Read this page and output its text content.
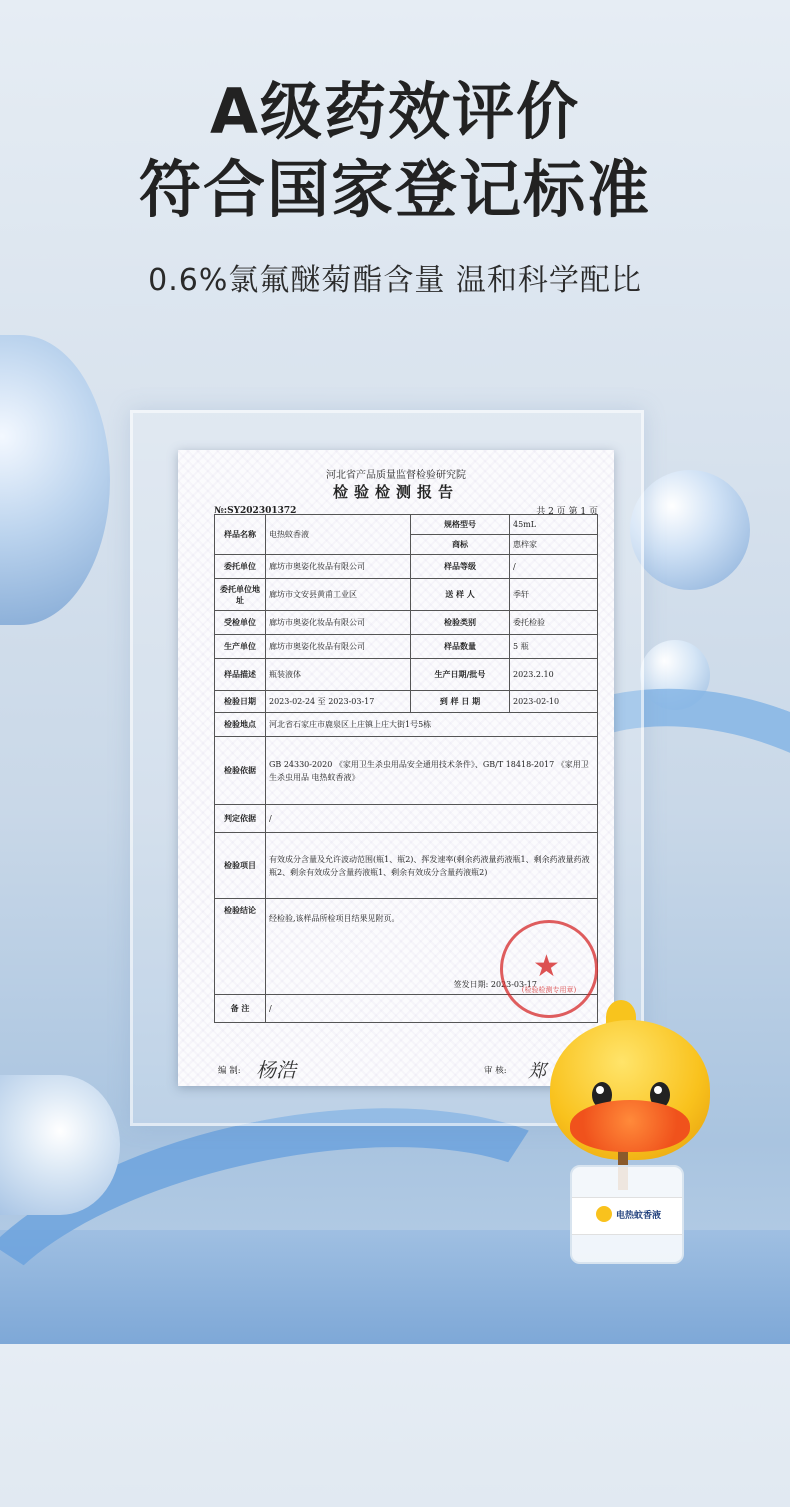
A级药效评价
符合国家登记标准
0.6%氯氟醚菊酯含量 温和科学配比
河北省产品质量监督检验研究院
检验检测报告
№:SY202301372	共 2 页 第 1 页
样品名称	电热蚊香液	规格型号	45mL
		商标	惠梓家
委托单位	廊坊市奥姿化妆品有限公司	样品等级	/
委托单位地址	廊坊市文安县黄甫工业区	送 样 人	季轩
受检单位	廊坊市奥姿化妆品有限公司	检验类别	委托检验
生产单位	廊坊市奥姿化妆品有限公司	样品数量	5 瓶
样品描述	瓶装液体	生产日期/批号	2023.2.10
检验日期	2023-02-24 至 2023-03-17	到 样 日 期	2023-02-10
检验地点	河北省石家庄市鹿泉区上庄镇上庄大街1号5栋		
检验依据	GB 24330-2020 《家用卫生杀虫用品安全通用技术条件》、GB/T 18418-2017 《家用卫生杀虫用品 电热蚊香液》		
判定依据	/		
检验项目	有效成分含量及允许波动范围(瓶1、瓶2)、挥发速率(剩余药液量药液瓶1、剩余药液量药液瓶2、剩余有效成分含量药液瓶1、剩余有效成分含量药液瓶2)		
检验结论	经检验,该样品所检项目结果见附页。
签发日期: 2023-03-17		

备 注	/		
★
(检验检测专用章)
编 制: 杨浩	审 核: 郑
电热蚊香液
